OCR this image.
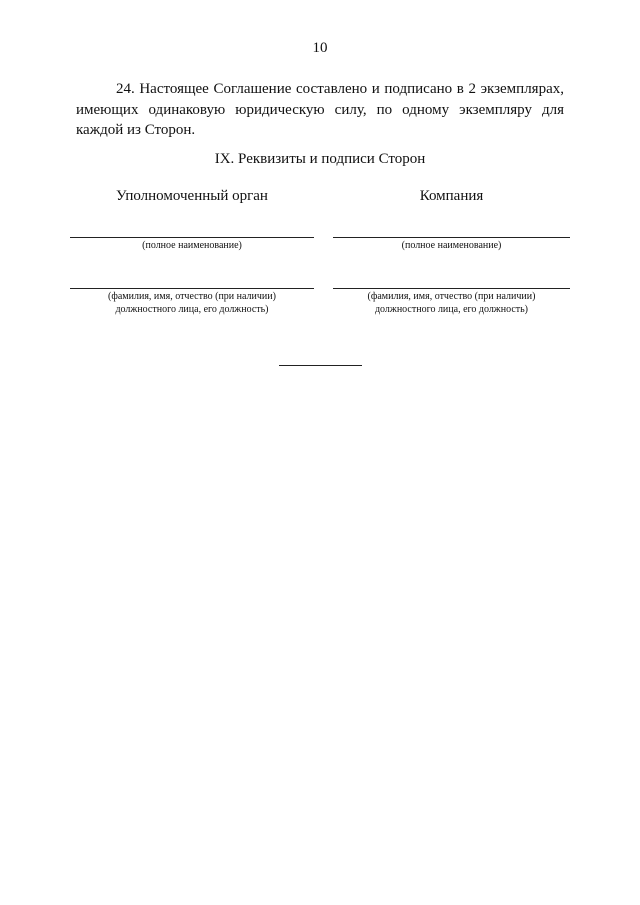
10

24. Настоящее Соглашение составлено и подписано в 2 экземплярах, имеющих одинаковую юридическую силу, по одному экземпляру для каждой из Сторон.

IX. Реквизиты и подписи Сторон
Уполномоченный орган
(полное наименование)
(фамилия, имя, отчество (при наличии)
должностного лица, его должность)
Компания
(полное наименование)
(фамилия, имя, отчество (при наличии)
должностного лица, его должность)
